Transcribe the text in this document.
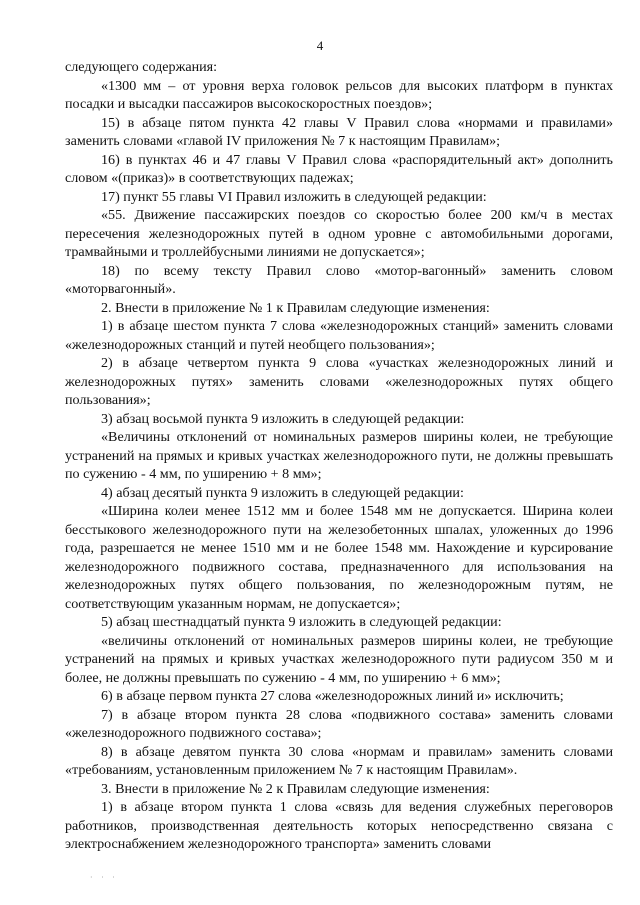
4

следующего содержания:

«1300 мм – от уровня верха головок рельсов для высоких платформ в пунктах посадки и высадки пассажиров высокоскоростных поездов»;

15) в абзаце пятом пункта 42 главы V Правил слова «нормами и правилами» заменить словами «главой IV приложения № 7 к настоящим Правилам»;

16) в пунктах 46 и 47 главы V Правил слова «распорядительный акт» дополнить словом «(приказ)» в соответствующих падежах;

17) пункт 55 главы VI Правил изложить в следующей редакции:

«55. Движение пассажирских поездов со скоростью более 200 км/ч в местах пересечения железнодорожных путей в одном уровне с автомобильными дорогами, трамвайными и троллейбусными линиями не допускается»;

18) по всему тексту Правил слово «мотор-вагонный» заменить словом «моторвагонный».

2. Внести в приложение № 1 к Правилам следующие изменения:

1) в абзаце шестом пункта 7 слова «железнодорожных станций» заменить словами «железнодорожных станций и путей необщего пользования»;

2) в абзаце четвертом пункта 9 слова «участках железнодорожных линий и железнодорожных путях» заменить словами «железнодорожных путях общего пользования»;

3) абзац восьмой пункта 9 изложить в следующей редакции:

«Величины отклонений от номинальных размеров ширины колеи, не требующие устранений на прямых и кривых участках железнодорожного пути, не должны превышать по сужению - 4 мм, по уширению + 8 мм»;

4) абзац десятый пункта 9 изложить в следующей редакции:

«Ширина колеи менее 1512 мм и более 1548 мм не допускается. Ширина колеи бесстыкового железнодорожного пути на железобетонных шпалах, уложенных до 1996 года, разрешается не менее 1510 мм и не более 1548 мм. Нахождение и курсирование железнодорожного подвижного состава, предназначенного для использования на железнодорожных путях общего пользования, по железнодорожным путям, не соответствующим указанным нормам, не допускается»;

5) абзац шестнадцатый пункта 9 изложить в следующей редакции:

«величины отклонений от номинальных размеров ширины колеи, не требующие устранений на прямых и кривых участках железнодорожного пути радиусом 350 м и более, не должны превышать по сужению - 4 мм, по уширению + 6 мм»;

6) в абзаце первом пункта 27 слова «железнодорожных линий и» исключить;

7) в абзаце втором пункта 28 слова «подвижного состава» заменить словами «железнодорожного подвижного состава»;

8) в абзаце девятом пункта 30 слова «нормам и правилам» заменить словами «требованиям, установленным приложением № 7 к настоящим Правилам».

3. Внести в приложение № 2 к Правилам следующие изменения:

1) в абзаце втором пункта 1 слова «связь для ведения служебных переговоров работников, производственная деятельность которых непосредственно связана с электроснабжением железнодорожного транспорта» заменить словами

· · ·
